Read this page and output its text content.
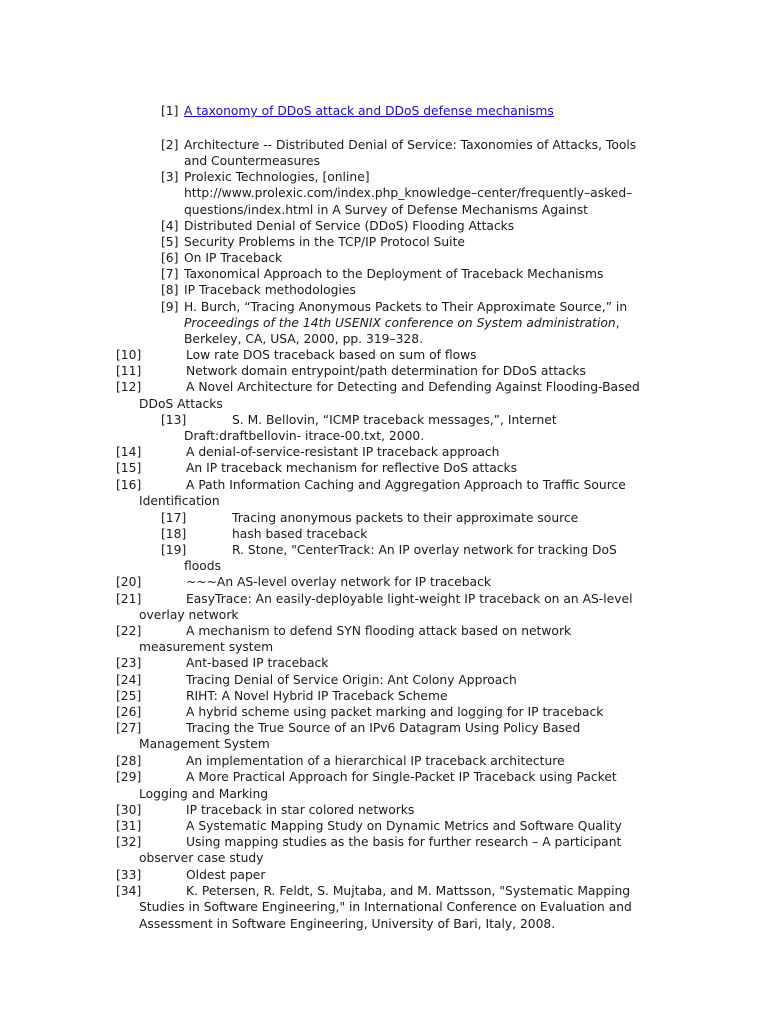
[1] A taxonomy of DDoS attack and DDoS defense mechanisms
[2] Architecture -- Distributed Denial of Service: Taxonomies of Attacks, Tools
and Countermeasures
[3] Prolexic Technologies, [online]
http://www.prolexic.com/index.php_knowledge–center/frequently–asked–
questions/index.html in A Survey of Defense Mechanisms Against
[4] Distributed Denial of Service (DDoS) Flooding Attacks
[5] Security Problems in the TCP/IP Protocol Suite
[6] On IP Traceback
[7] Taxonomical Approach to the Deployment of Traceback Mechanisms
[8] IP Traceback methodologies
[9] H. Burch, “Tracing Anonymous Packets to Their Approximate Source,” in
Proceedings of the 14th USENIX conference on System administration,
Berkeley, CA, USA, 2000, pp. 319–328.
[10]	Low rate DOS traceback based on sum of flows
[11]	Network domain entrypoint/path determination for DDoS attacks
[12]	A Novel Architecture for Detecting and Defending Against Flooding-Based
DDoS Attacks
[13]	S. M. Bellovin, “ICMP traceback messages,”, Internet
Draft:draftbellovin- itrace-00.txt, 2000.
[14]	A denial-of-service-resistant IP traceback approach
[15]	An IP traceback mechanism for reflective DoS attacks
[16]	A Path Information Caching and Aggregation Approach to Traffic Source
Identification
[17]	Tracing anonymous packets to their approximate source
[18]	hash based traceback
[19]	R. Stone, "CenterTrack: An IP overlay network for tracking DoS
floods
[20]	~~~An AS-level overlay network for IP traceback
[21]	EasyTrace: An easily-deployable light-weight IP traceback on an AS-level
overlay network
[22]	A mechanism to defend SYN flooding attack based on network
measurement system
[23]	Ant-based IP traceback
[24]	Tracing Denial of Service Origin: Ant Colony Approach
[25]	RIHT: A Novel Hybrid IP Traceback Scheme
[26]	A hybrid scheme using packet marking and logging for IP traceback
[27]	Tracing the True Source of an IPv6 Datagram Using Policy Based
Management System
[28]	An implementation of a hierarchical IP traceback architecture
[29]	A More Practical Approach for Single-Packet IP Traceback using Packet
Logging and Marking
[30]	IP traceback in star colored networks
[31]	A Systematic Mapping Study on Dynamic Metrics and Software Quality
[32]	Using mapping studies as the basis for further research – A participant
observer case study
[33]	Oldest paper
[34]	K. Petersen, R. Feldt, S. Mujtaba, and M. Mattsson, "Systematic Mapping
Studies in Software Engineering," in International Conference on Evaluation and
Assessment in Software Engineering, University of Bari, Italy, 2008.
